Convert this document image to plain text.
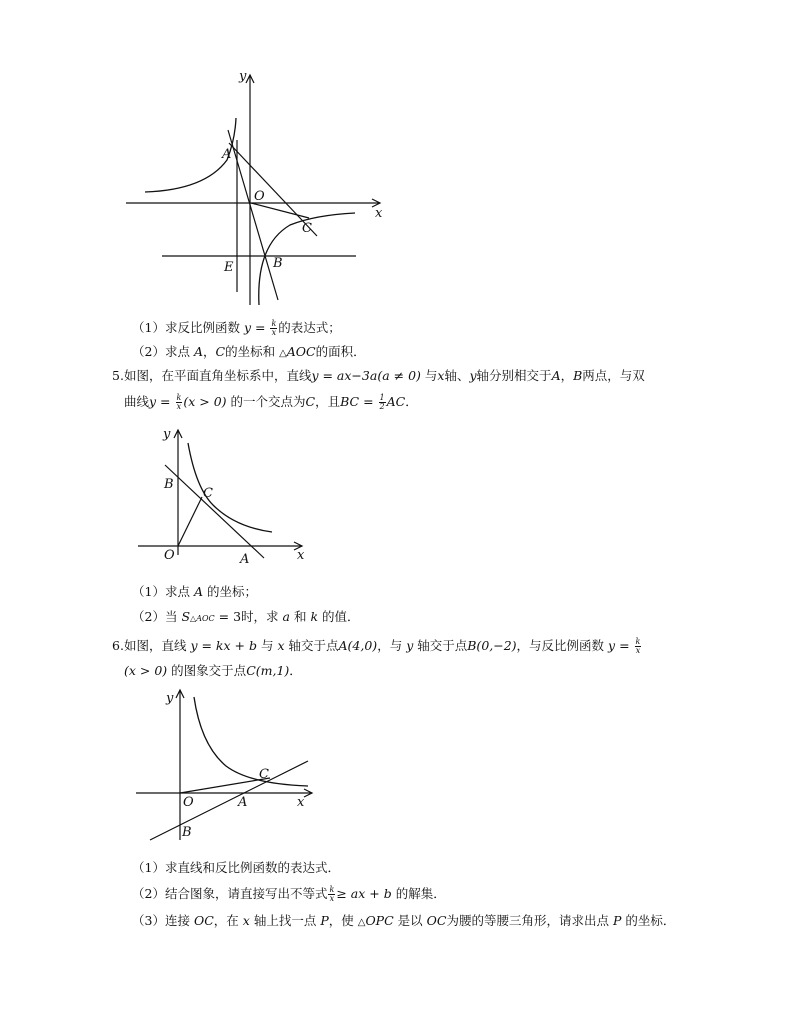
y
x
A
O
C
E	B
（1）求反比例函数 $y = \frac{k}{x}$ 的表达式；
（2）求点 A，C的坐标和 △AOC的面积．
5.如图，在平面直角坐标系中，直线y = ax−3a(a ≠ 0) 与x轴、y轴分别相交于A，B两点，与双
曲线$y = \frac{k}{x} (x > 0)$ 的一个交点为C，且BC = $\frac{1}{2}$ AC．
y
x
B
C
O	A
（1）求点 A 的坐标；
（2）当 S△AOC = 3时，求 a 和 k 的值．
6.如图，直线 y = kx + b 与 x 轴交于点A(4,0)，与 y 轴交于点B(0,−2)，与反比例函数 $y = \frac{k}{x}$
(x > 0) 的图象交于点C(m,1)．
y
x
O	A
C
B
（1）求直线和反比例函数的表达式．
（2）结合图象，请直接写出不等式 $\frac{k}{x}$ ≥ ax + b 的解集．
（3）连接 OC，在 x 轴上找一点 P，使 △OPC 是以 OC为腰的等腰三角形，请求出点 P 的坐标．
